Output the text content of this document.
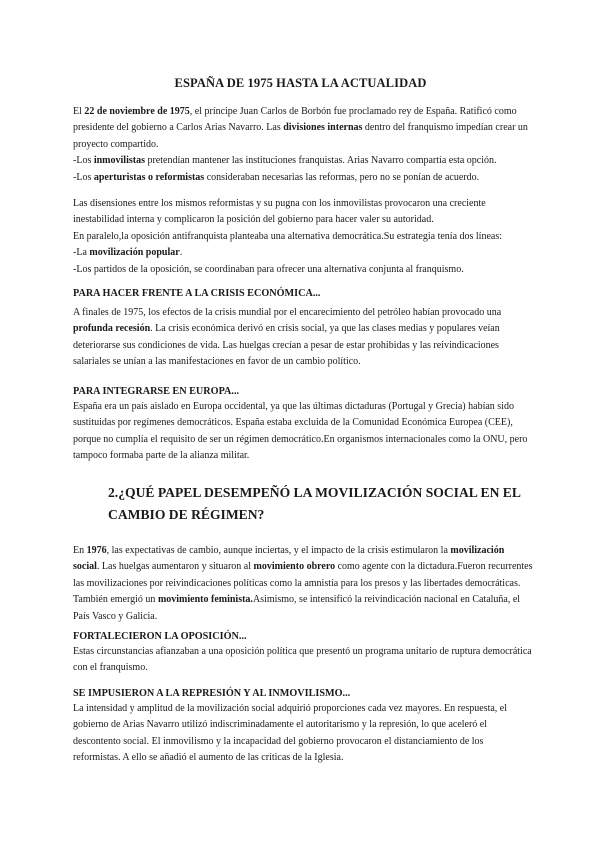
ESPAÑA DE 1975 HASTA LA ACTUALIDAD

El 22 de noviembre de 1975, el príncipe Juan Carlos de Borbón fue proclamado rey de España. Ratificó como presidente del gobierno a Carlos Arias Navarro. Las divisiones internas dentro del franquismo impedían crear un proyecto compartido.

-Los inmovilistas pretendían mantener las instituciones franquistas. Arias Navarro compartía esta opción.

-Los aperturistas o reformistas consideraban necesarias las reformas, pero no se ponían de acuerdo.

Las disensiones entre los mismos reformistas y su pugna con los inmovilistas provocaron una creciente inestabilidad interna y complicaron la posición del gobierno para hacer valer su autoridad.

En paralelo,la oposición antifranquista planteaba una alternativa democrática.Su estrategia tenía dos líneas:

-La movilización popular.

-Los partidos de la oposición, se coordinaban para ofrecer una alternativa conjunta al franquismo.

PARA HACER FRENTE A LA CRISIS ECONÓMICA...

A finales de 1975, los efectos de la crisis mundial por el encarecimiento del petróleo habían provocado una profunda recesión. La crisis económica derivó en crisis social, ya que las clases medias y populares veían deteriorarse sus condiciones de vida. Las huelgas crecían a pesar de estar prohibidas y las reivindicaciones salariales se unían a las manifestaciones en favor de un cambio político.

PARA INTEGRARSE EN EUROPA...

España era un país aislado en Europa occidental, ya que las últimas dictaduras (Portugal y Grecia) habían sido sustituidas por regímenes democráticos. España estaba excluida de la Comunidad Económica Europea (CEE), porque no cumplía el requisito de ser un régimen democrático.En organismos internacionales como la ONU, pero tampoco formaba parte de la alianza militar.

2.¿QUÉ PAPEL DESEMPEÑÓ LA MOVILIZACIÓN SOCIAL EN EL CAMBIO DE RÉGIMEN?

En 1976, las expectativas de cambio, aunque inciertas, y el impacto de la crisis estimularon la movilización social. Las huelgas aumentaron y situaron al movimiento obrero como agente con la dictadura.Fueron recurrentes las movilizaciones por reivindicaciones políticas como la amnistía para los presos y las libertades democráticas. También emergió un movimiento feminista.Asimismo, se intensificó la reivindicación nacional en Cataluña, el País Vasco y Galicia.

FORTALECIERON LA OPOSICIÓN...

Estas circunstancias afianzaban a una oposición política que presentó un programa unitario de ruptura democrática con el franquismo.

SE IMPUSIERON A LA REPRESIÓN Y AL INMOVILISMO...

La intensidad y amplitud de la movilización social adquirió proporciones cada vez mayores. En respuesta, el gobierno de Arias Navarro utilizó indiscriminadamente el autoritarismo y la represión, lo que aceleró el descontento social. El inmovilismo y la incapacidad del gobierno provocaron el distanciamiento de los reformistas. A ello se añadió el aumento de las críticas de la Iglesia.
